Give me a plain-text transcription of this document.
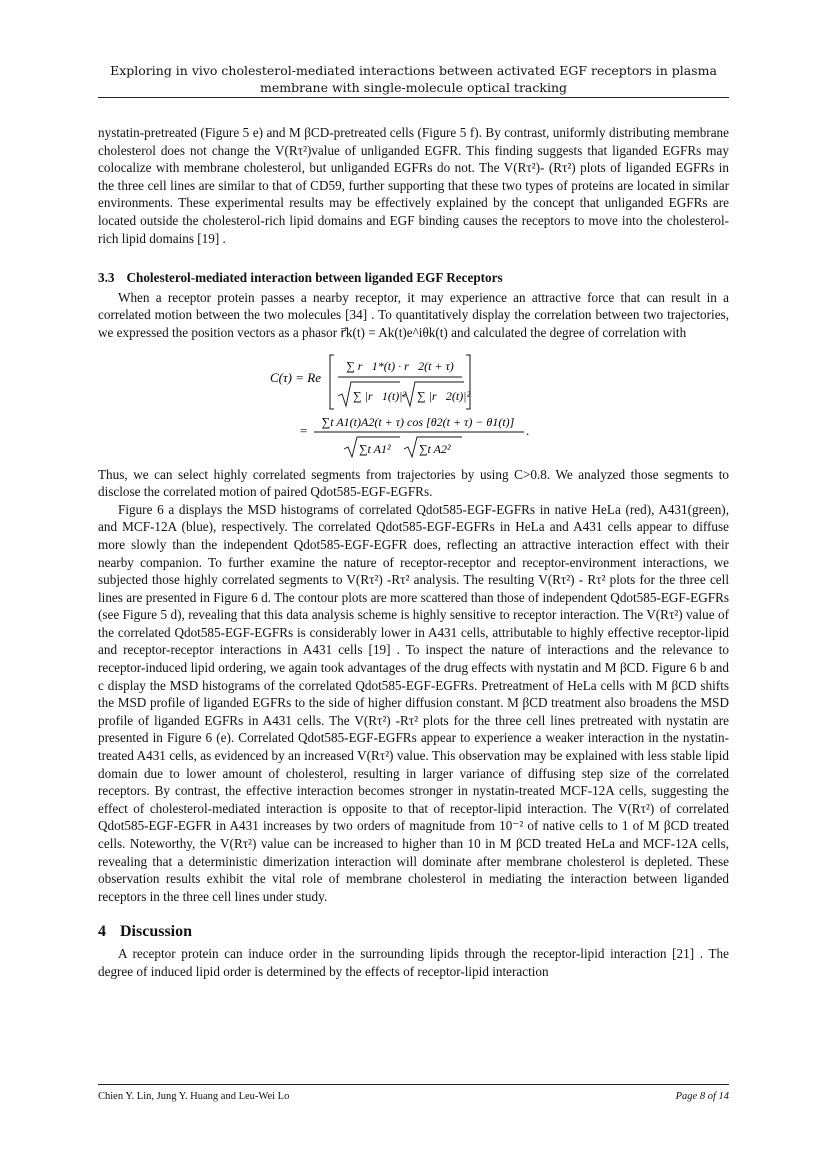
Exploring in vivo cholesterol-mediated interactions between activated EGF receptors in plasma
membrane with single-molecule optical tracking

nystatin-pretreated (Figure 5 e) and M βCD-pretreated cells (Figure 5 f). By contrast, uniformly distributing membrane cholesterol does not change the V(Rτ²)value of unliganded EGFR. This finding suggests that liganded EGFRs may colocalize with membrane cholesterol, but unliganded EGFRs do not. The V(Rτ²)- (Rτ²) plots of liganded EGFRs in the three cell lines are similar to that of CD59, further supporting that these two types of proteins are located in similar environments. These experimental results may be effectively explained by the concept that unliganded EGFRs are located outside the cholesterol-rich lipid domains and EGF binding causes the receptors to move into the cholesterol-rich lipid domains [19] .

3.3 Cholesterol-mediated interaction between liganded EGF Receptors

When a receptor protein passes a nearby receptor, it may experience an attractive force that can result in a correlated motion between the two molecules [34] . To quantitatively display the correlation between two trajectories, we expressed the position vectors as a phasor r⃗k(t) = Ak(t)e^iθk(t) and calculated the degree of correlation with

C(τ) = Re
∑ r⃗1*(t) · r⃗2(t + τ)
∑ |r⃗1(t)|² ∑ |r⃗2(t)|²
=
∑t A1(t)A2(t + τ) cos [θ2(t + τ) − θ1(t)]
∑t A1² ∑t A2²
.

Thus, we can select highly correlated segments from trajectories by using C>0.8. We analyzed those segments to disclose the correlated motion of paired Qdot585-EGF-EGFRs.

Figure 6 a displays the MSD histograms of correlated Qdot585-EGF-EGFRs in native HeLa (red), A431(green), and MCF-12A (blue), respectively. The correlated Qdot585-EGF-EGFRs in HeLa and A431 cells appear to diffuse more slowly than the independent Qdot585-EGF-EGFR does, reflecting an attractive interaction effect with their nearby companion. To further examine the nature of receptor-receptor and receptor-environment interactions, we subjected those highly correlated segments to V(Rτ²) -Rτ² analysis. The resulting V(Rτ²) - Rτ² plots for the three cell lines are presented in Figure 6 d. The contour plots are more scattered than those of independent Qdot585-EGF-EGFRs (see Figure 5 d), revealing that this data analysis scheme is highly sensitive to receptor interaction. The V(Rτ²) value of the correlated Qdot585-EGF-EGFRs is considerably lower in A431 cells, attributable to highly effective receptor-lipid and receptor-receptor interactions in A431 cells [19] . To inspect the nature of interactions and the relevance to receptor-induced lipid ordering, we again took advantages of the drug effects with nystatin and M βCD. Figure 6 b and c display the MSD histograms of the correlated Qdot585-EGF-EGFRs. Pretreatment of HeLa cells with M βCD shifts the MSD profile of liganded EGFRs to the side of higher diffusion constant. M βCD treatment also broadens the MSD profile of liganded EGFRs in A431 cells. The V(Rτ²) -Rτ² plots for the three cell lines pretreated with nystatin are presented in Figure 6 (e). Correlated Qdot585-EGF-EGFRs appear to experience a weaker interaction in the nystatin-treated A431 cells, as evidenced by an increased V(Rτ²) value. This observation may be explained with less stable lipid domain due to lower amount of cholesterol, resulting in larger variance of diffusing step size of the correlated receptors. By contrast, the effective interaction becomes stronger in nystatin-treated MCF-12A cells, suggesting the effect of cholesterol-mediated interaction is opposite to that of receptor-lipid interaction. The V(Rτ²) of correlated Qdot585-EGF-EGFR in A431 increases by two orders of magnitude from 10⁻² of native cells to 1 of M βCD treated cells. Noteworthy, the V(Rτ²) value can be increased to higher than 10 in M βCD treated HeLa and MCF-12A cells, revealing that a deterministic dimerization interaction will dominate after membrane cholesterol is depleted. These observation results exhibit the vital role of membrane cholesterol in mediating the interaction between liganded receptors in the three cell lines under study.

4 Discussion

A receptor protein can induce order in the surrounding lipids through the receptor-lipid interaction [21] . The degree of induced lipid order is determined by the effects of receptor-lipid interaction

Chien Y. Lin, Jung Y. Huang and Leu-Wei Lo	Page 8 of 14
